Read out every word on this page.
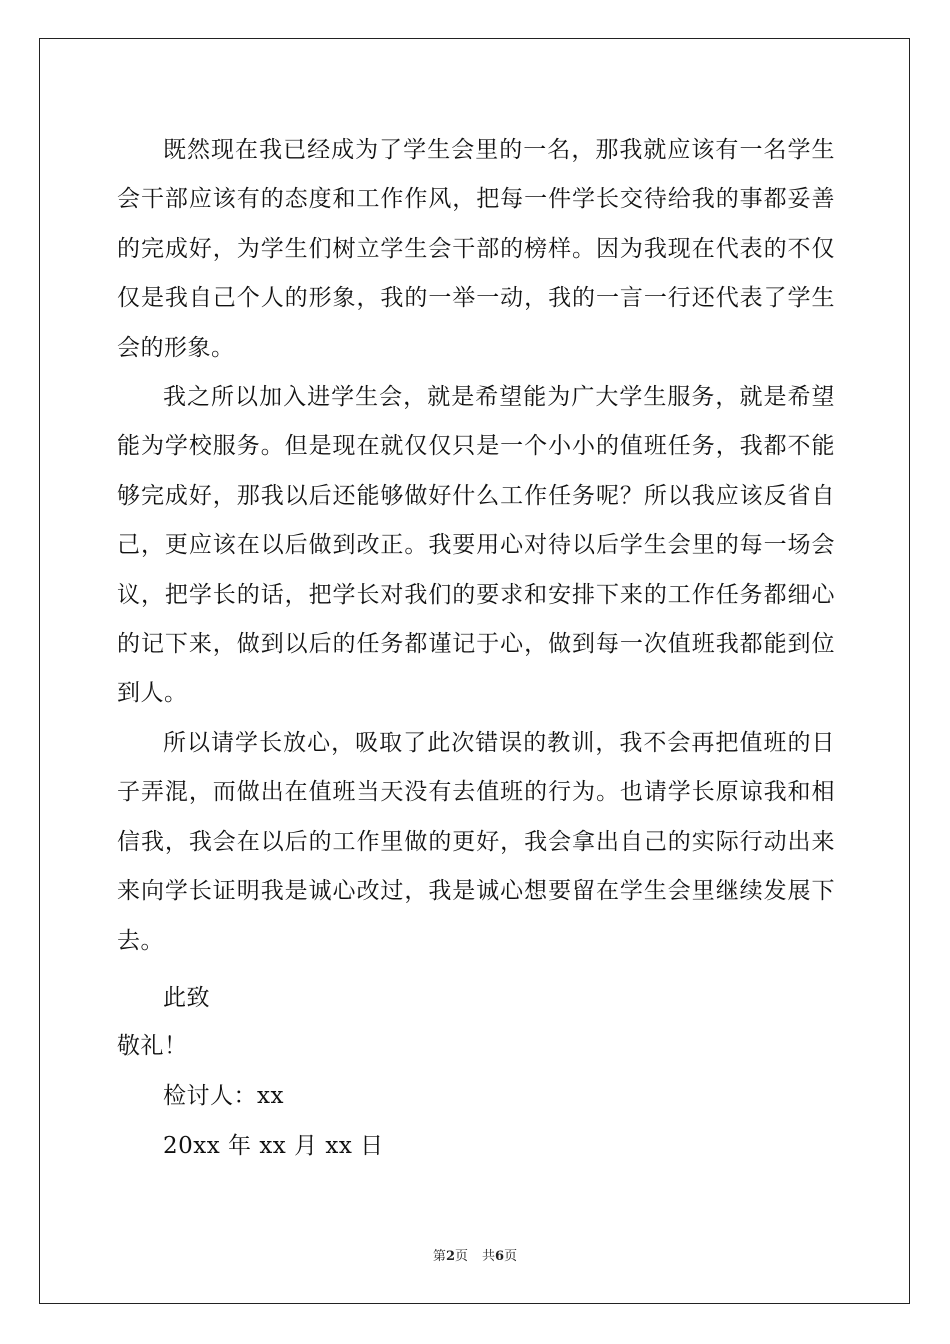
既然现在我已经成为了学生会里的一名，那我就应该有一名学生会干部应该有的态度和工作作风，把每一件学长交待给我的事都妥善的完成好，为学生们树立学生会干部的榜样。因为我现在代表的不仅仅是我自己个人的形象，我的一举一动，我的一言一行还代表了学生会的形象。

我之所以加入进学生会，就是希望能为广大学生服务，就是希望能为学校服务。但是现在就仅仅只是一个小小的值班任务，我都不能够完成好，那我以后还能够做好什么工作任务呢？所以我应该反省自己，更应该在以后做到改正。我要用心对待以后学生会里的每一场会议，把学长的话，把学长对我们的要求和安排下来的工作任务都细心的记下来，做到以后的任务都谨记于心，做到每一次值班我都能到位到人。

所以请学长放心，吸取了此次错误的教训，我不会再把值班的日子弄混，而做出在值班当天没有去值班的行为。也请学长原谅我和相信我，我会在以后的工作里做的更好，我会拿出自己的实际行动出来来向学长证明我是诚心改过，我是诚心想要留在学生会里继续发展下去。

此致
敬礼！
检讨人：xx
20xx 年 xx 月 xx 日
第2页 共6页
